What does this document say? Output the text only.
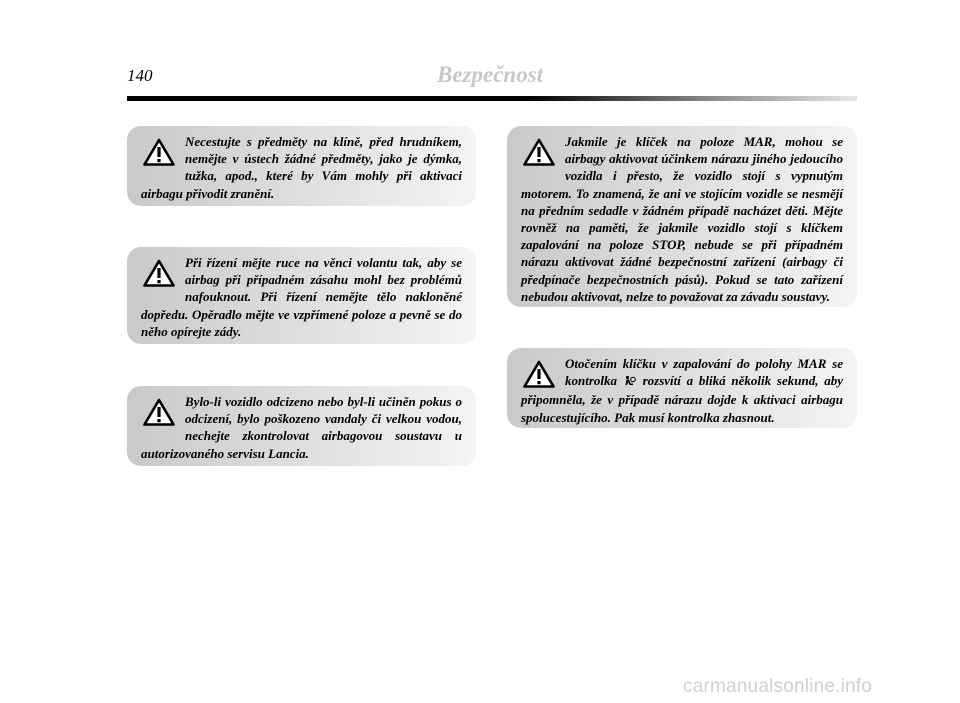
140	Bezpečnost
Necestujte s předměty na klíně, před hrudníkem, nemějte v ústech žádné předměty, jako je dýmka, tužka, apod., které by Vám mohly při aktivaci airbagu přivodit zranění.
Při řízení mějte ruce na věnci volantu tak, aby se airbag při případném zásahu mohl bez problémů nafouknout. Při řízení nemějte tělo nakloněné dopředu. Opěradlo mějte ve vzpřímené poloze a pevně se do něho opírejte zády.
Bylo-li vozidlo odcizeno nebo byl-li učiněn pokus o odcizení, bylo poškozeno vandaly či velkou vodou, nechejte zkontrolovat airbagovou soustavu u autorizovaného servisu Lancia.
Jakmile je klíček na poloze MAR, mohou se airbagy aktivovat účinkem nárazu jiného jedoucího vozidla i přesto, že vozidlo stojí s vypnutým motorem. To znamená, že ani ve stojícím vozidle se nesmějí na předním sedadle v žádném případě nacházet děti. Mějte rovněž na paměti, že jakmile vozidlo stojí s klíčkem zapalování na poloze STOP, nebude se při případném nárazu aktivovat žádné bezpečnostní zařízení (airbagy či předpínače bezpečnostních pásů). Pokud se tato zařízení nebudou aktivovat, nelze to považovat za závadu soustavy.
Otočením klíčku v zapalování do polohy MAR se kontrolka rozsvítí a bliká několik sekund, aby připomněla, že v případě nárazu dojde k aktivaci airbagu spolucestujícího. Pak musí kontrolka zhasnout.
carmanualsonline.info
